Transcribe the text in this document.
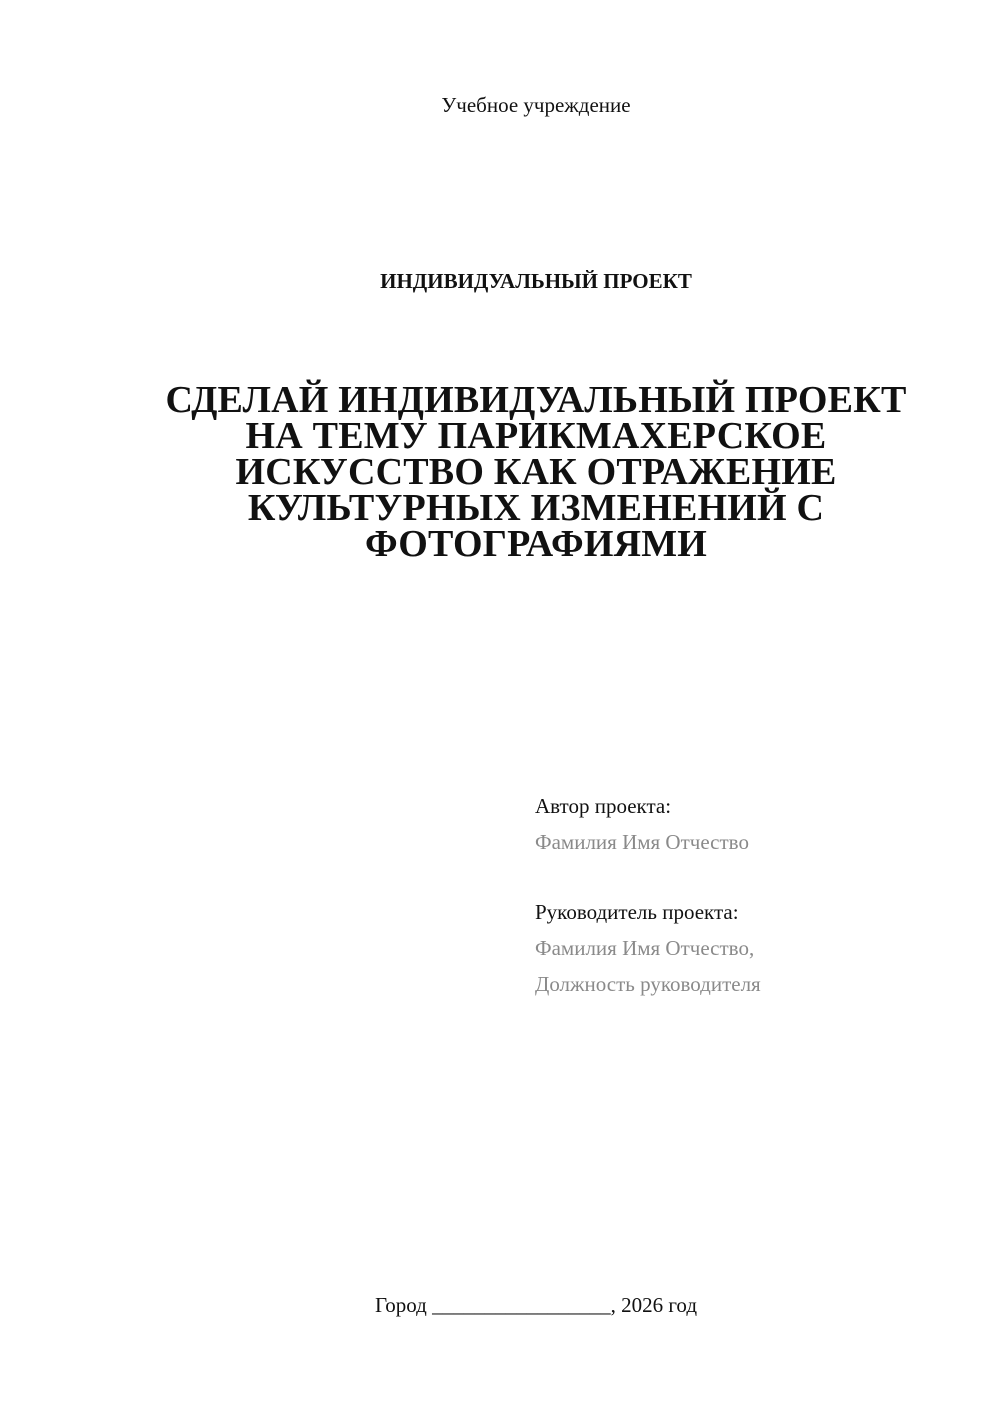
Учебное учреждение
ИНДИВИДУАЛЬНЫЙ ПРОЕКТ
СДЕЛАЙ ИНДИВИДУАЛЬНЫЙ ПРОЕКТ
НА ТЕМУ ПАРИКМАХЕРСКОЕ
ИСКУССТВО КАК ОТРАЖЕНИЕ
КУЛЬТУРНЫХ ИЗМЕНЕНИЙ С
ФОТОГРАФИЯМИ
Автор проекта:
Фамилия Имя Отчество
Руководитель проекта:
Фамилия Имя Отчество,
Должность руководителя
Город _________________, 2026 год
